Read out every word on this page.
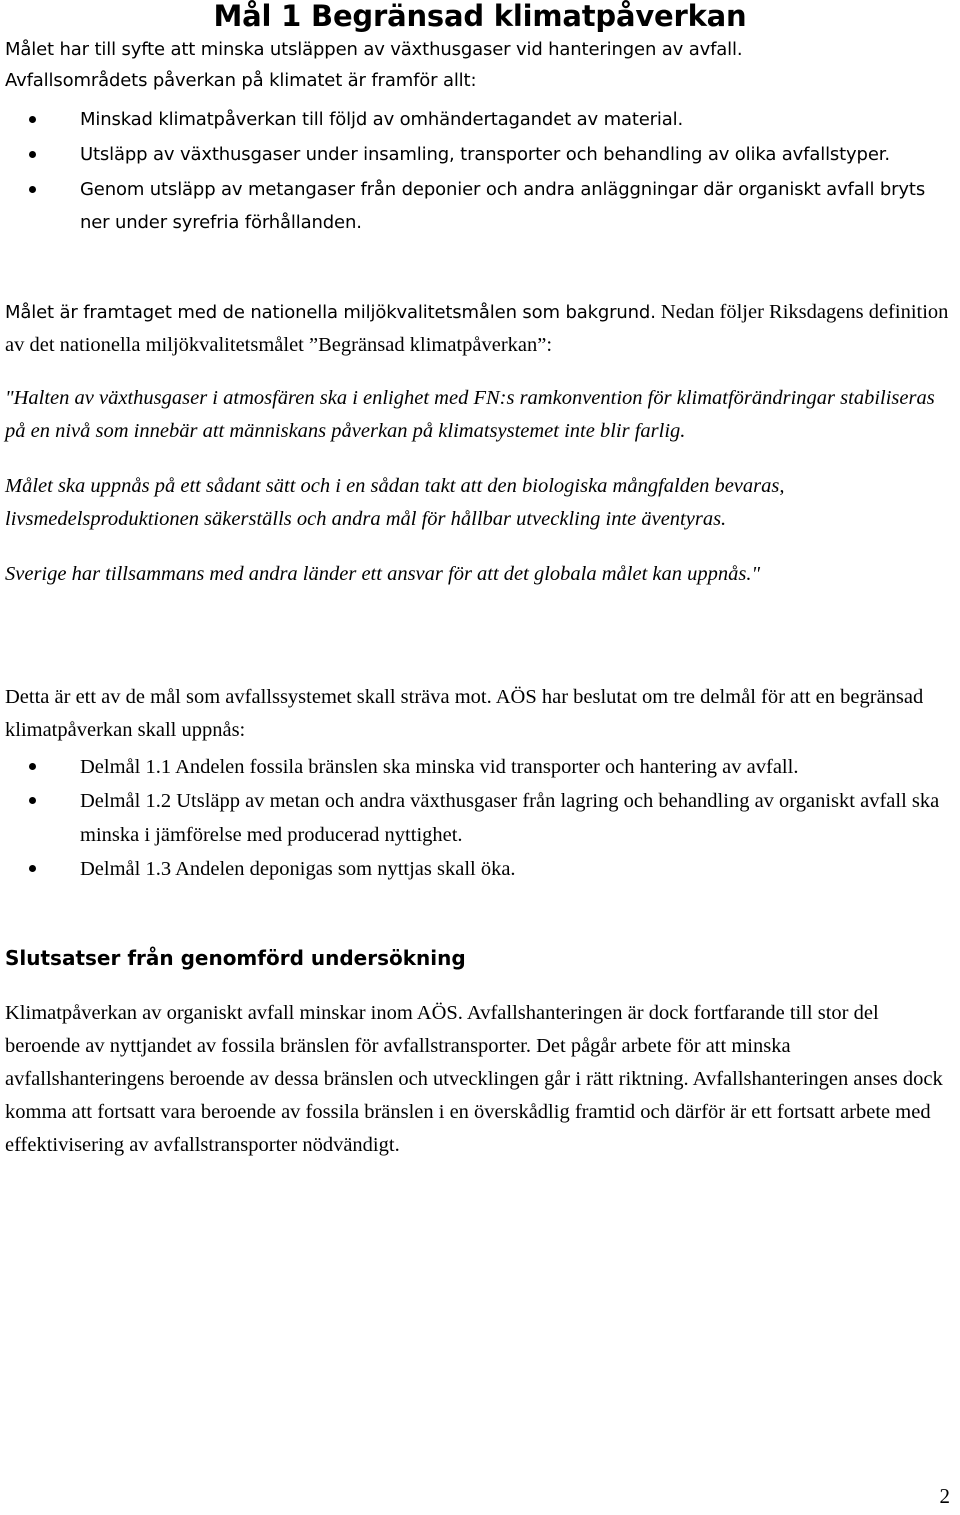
Mål 1 Begränsad klimatpåverkan

Målet har till syfte att minska utsläppen av växthusgaser vid hanteringen av avfall.

Avfallsområdets påverkan på klimatet är framför allt:

Minskad klimatpåverkan till följd av omhändertagandet av material.
Utsläpp av växthusgaser under insamling, transporter och behandling av olika avfallstyper.
Genom utsläpp av metangaser från deponier och andra anläggningar där organiskt avfall bryts ner under syrefria förhållanden.

Målet är framtaget med de nationella miljökvalitetsmålen som bakgrund. Nedan följer Riksdagens definition av det nationella miljökvalitetsmålet ”Begränsad klimatpåverkan”:

"Halten av växthusgaser i atmosfären ska i enlighet med FN:s ramkonvention för klimatförändringar stabiliseras på en nivå som innebär att människans påverkan på klimatsystemet inte blir farlig.

Målet ska uppnås på ett sådant sätt och i en sådan takt att den biologiska mångfalden bevaras, livsmedelsproduktionen säkerställs och andra mål för hållbar utveckling inte äventyras.

Sverige har tillsammans med andra länder ett ansvar för att det globala målet kan uppnås."

Detta är ett av de mål som avfallssystemet skall sträva mot. AÖS har beslutat om tre delmål för att en begränsad klimatpåverkan skall uppnås:

Delmål 1.1 Andelen fossila bränslen ska minska vid transporter och hantering av avfall.
Delmål 1.2 Utsläpp av metan och andra växthusgaser från lagring och behandling av organiskt avfall ska minska i jämförelse med producerad nyttighet.
Delmål 1.3 Andelen deponigas som nyttjas skall öka.
Slutsatser från genomförd undersökning

Klimatpåverkan av organiskt avfall minskar inom AÖS. Avfallshanteringen är dock fortfarande till stor del beroende av nyttjandet av fossila bränslen för avfallstransporter. Det pågår arbete för att minska avfallshanteringens beroende av dessa bränslen och utvecklingen går i rätt riktning. Avfallshanteringen anses dock komma att fortsatt vara beroende av fossila bränslen i en överskådlig framtid och därför är ett fortsatt arbete med effektivisering av avfallstransporter nödvändigt.

2
